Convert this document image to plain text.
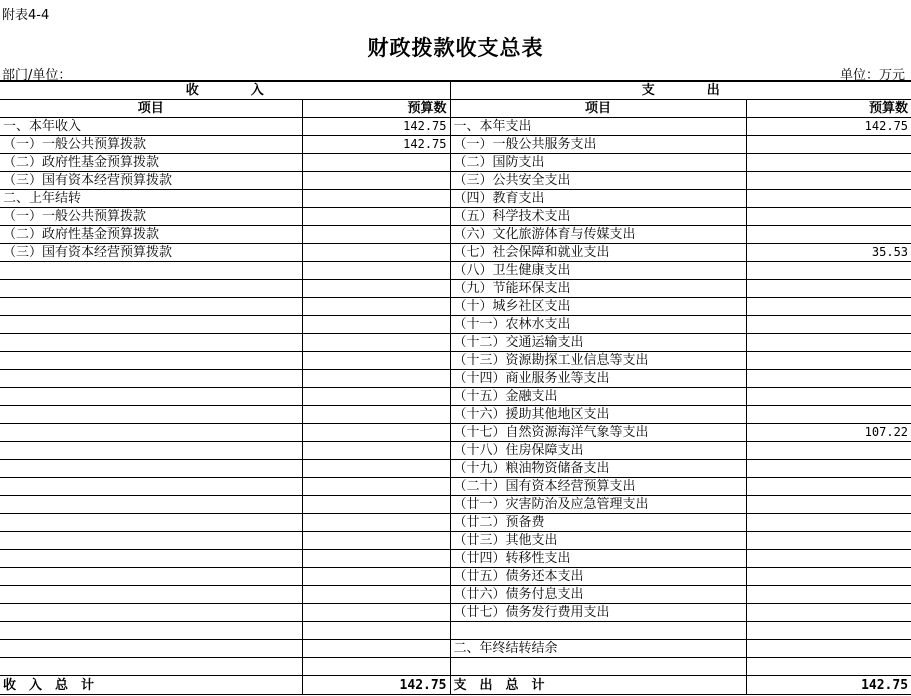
附表4-4
财政拨款收支总表
部门/单位：	单位：万元
收　　　　入		支　　　　出	
项目	预算数	项目	预算数
一、本年收入	142.75	一、本年支出	142.75
（一）一般公共预算拨款	142.75	（一）一般公共服务支出	
（二）政府性基金预算拨款		（二）国防支出	
（三）国有资本经营预算拨款		（三）公共安全支出	
二、上年结转		（四）教育支出	
（一）一般公共预算拨款		（五）科学技术支出	
（二）政府性基金预算拨款		（六）文化旅游体育与传媒支出	
（三）国有资本经营预算拨款		（七）社会保障和就业支出	35.53
		（八）卫生健康支出	
		（九）节能环保支出	
		（十）城乡社区支出	
		（十一）农林水支出	
		（十二）交通运输支出	
		（十三）资源勘探工业信息等支出	
		（十四）商业服务业等支出	
		（十五）金融支出	
		（十六）援助其他地区支出	
		（十七）自然资源海洋气象等支出	107.22
		（十八）住房保障支出	
		（十九）粮油物资储备支出	
		（二十）国有资本经营预算支出	
		（廿一）灾害防治及应急管理支出	
		（廿二）预备费	
		（廿三）其他支出	
		（廿四）转移性支出	
		（廿五）债务还本支出	
		（廿六）债务付息支出	
		（廿七）债务发行费用支出	

		二、年终结转结余	

收　入　总　计	142.75	支　出　总　计	142.75
